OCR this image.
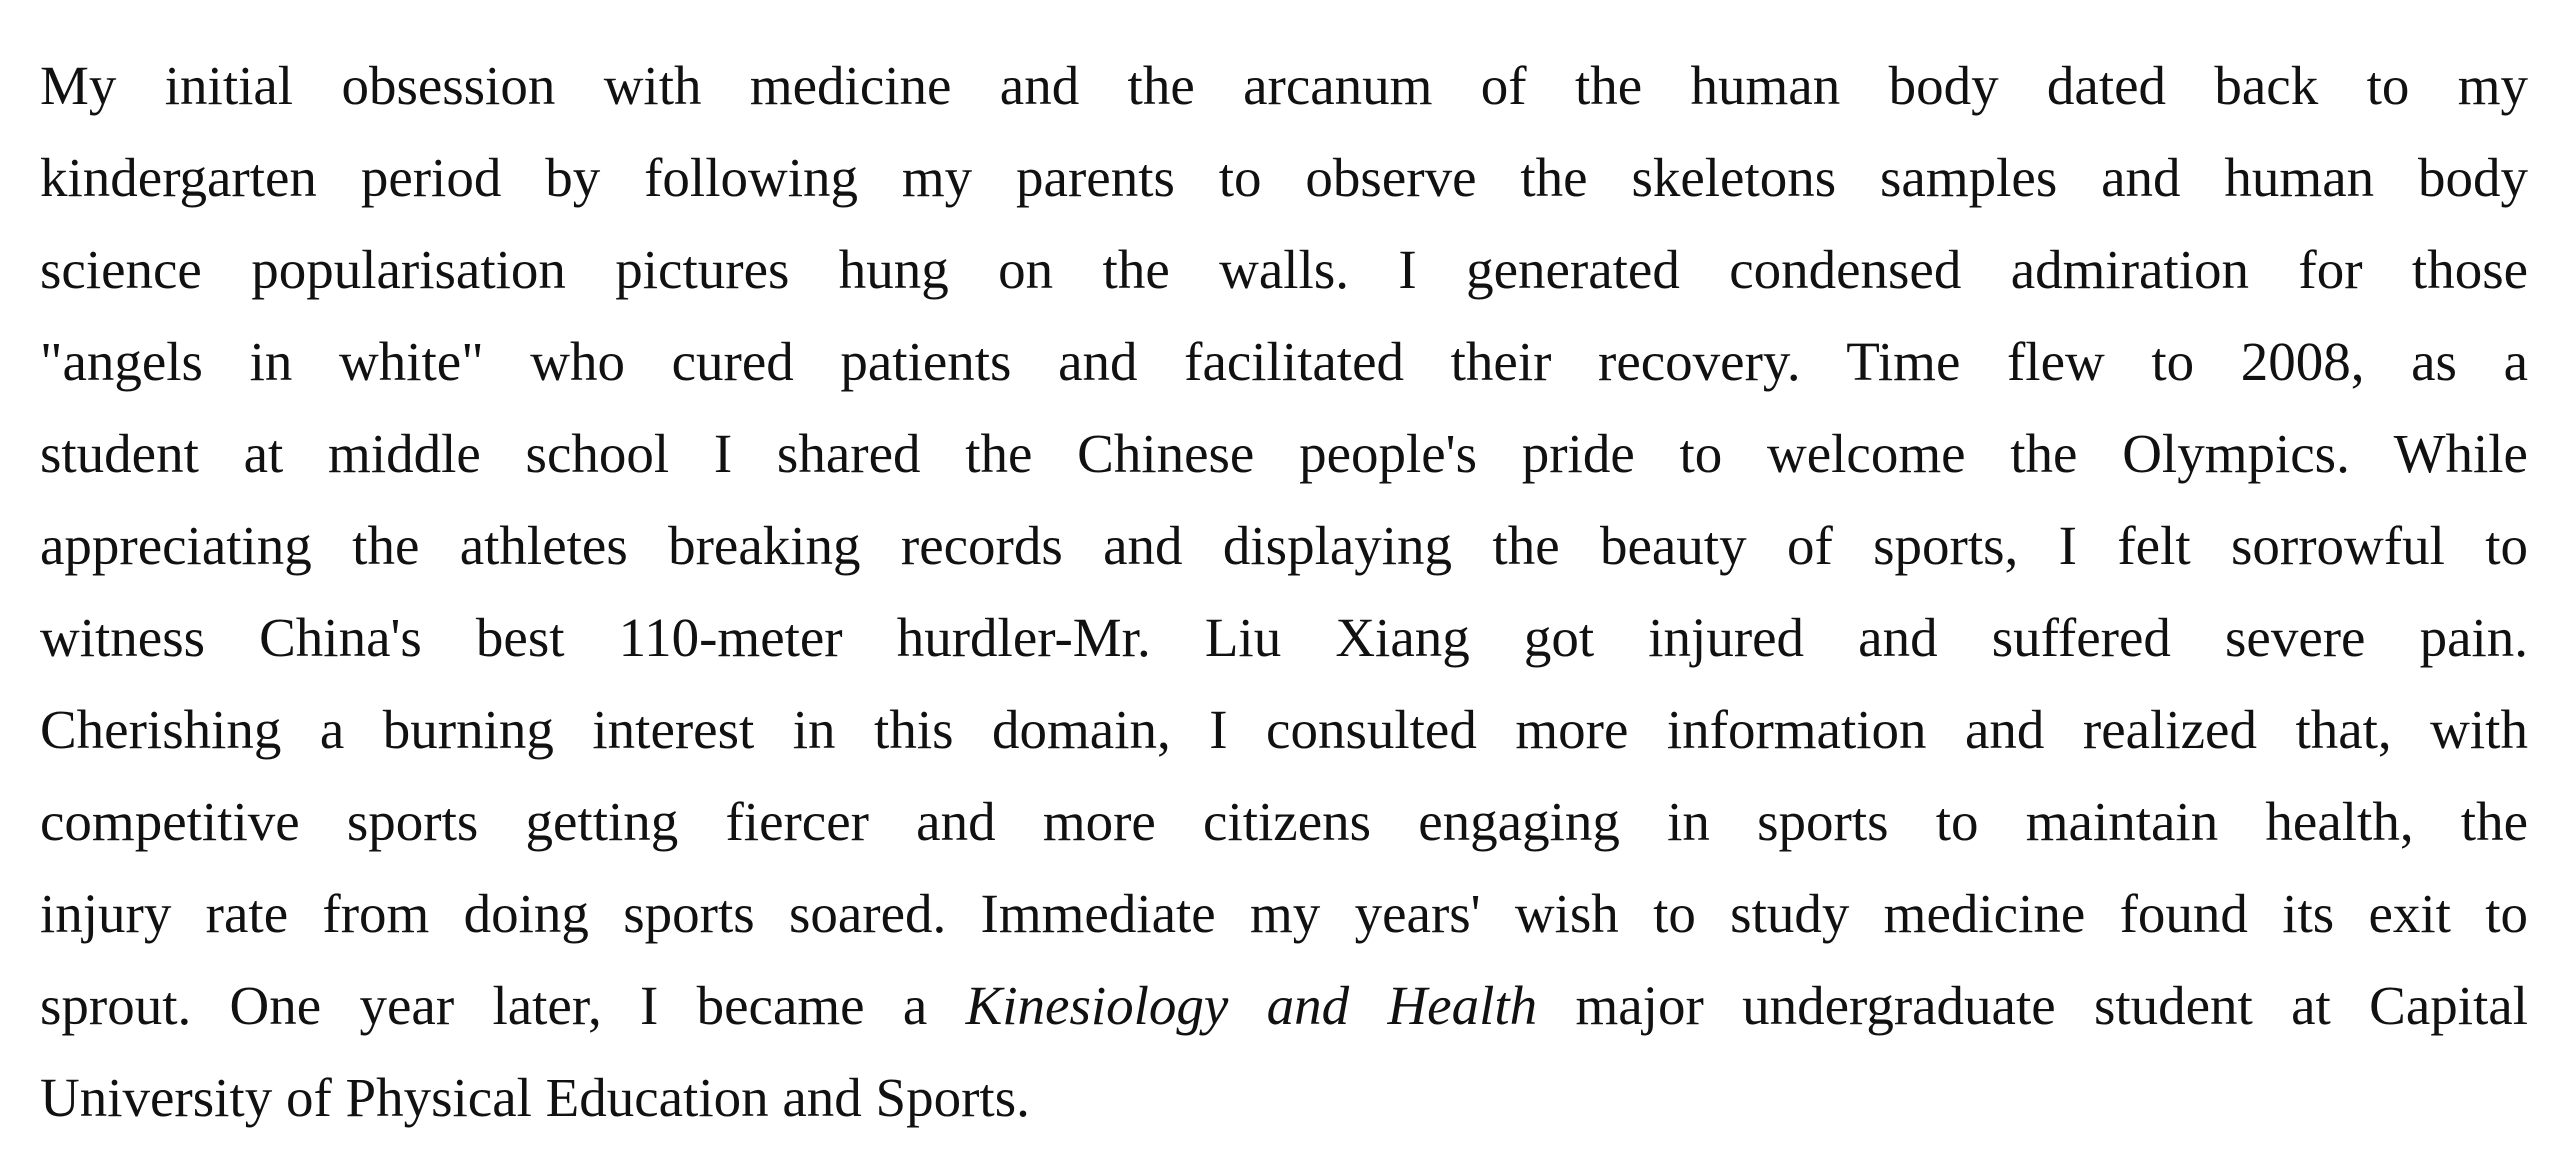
My initial obsession with medicine and the arcanum of the human body dated back to my
kindergarten period by following my parents to observe the skeletons samples and human body
science popularisation pictures hung on the walls. I generated condensed admiration for those
"angels in white" who cured patients and facilitated their recovery. Time flew to 2008, as a
student at middle school I shared the Chinese people's pride to welcome the Olympics. While
appreciating the athletes breaking records and displaying the beauty of sports, I felt sorrowful to
witness China's best 110-meter hurdler-Mr. Liu Xiang got injured and suffered severe pain.
Cherishing a burning interest in this domain, I consulted more information and realized that, with
competitive sports getting fiercer and more citizens engaging in sports to maintain health, the
injury rate from doing sports soared. Immediate my years' wish to study medicine found its exit to
sprout. One year later, I became a Kinesiology and Health major undergraduate student at Capital
University of Physical Education and Sports.
